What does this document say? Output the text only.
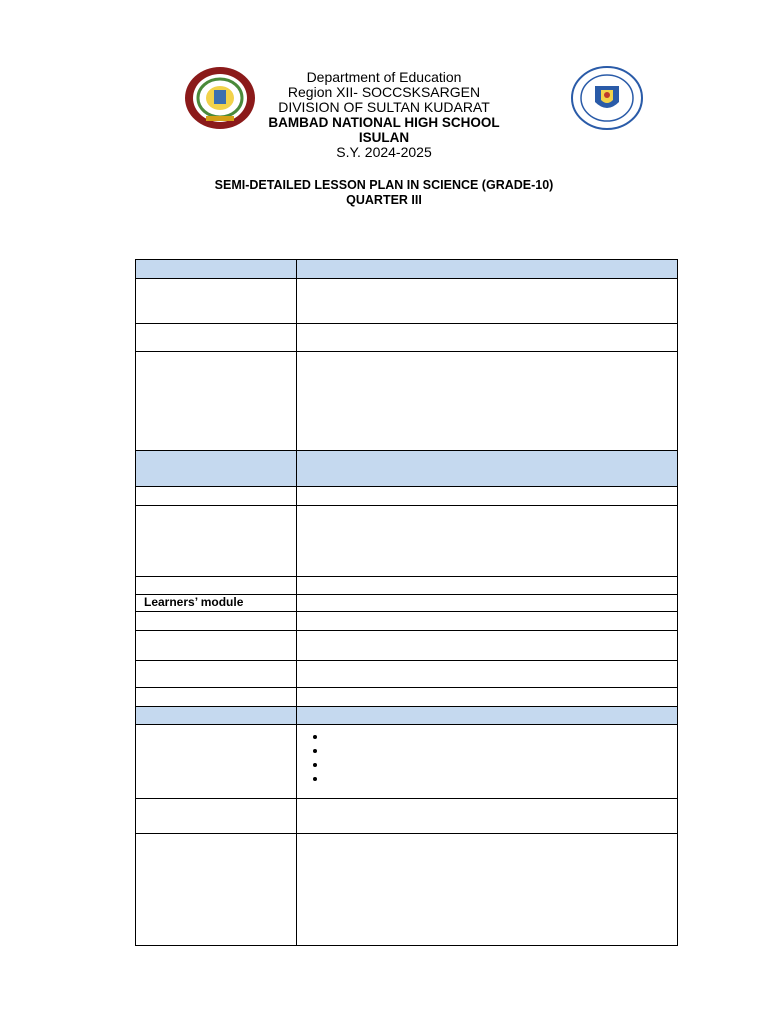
Department of Education
Region XII- SOCCSKSARGEN
DIVISION OF SULTAN KUDARAT
BAMBAD NATIONAL HIGH SCHOOL
ISULAN
S.Y. 2024-2025
SEMI-DETAILED LESSON PLAN IN SCIENCE (GRADE-10)
QUARTER III

Learners’ module	

•
•
•
•
